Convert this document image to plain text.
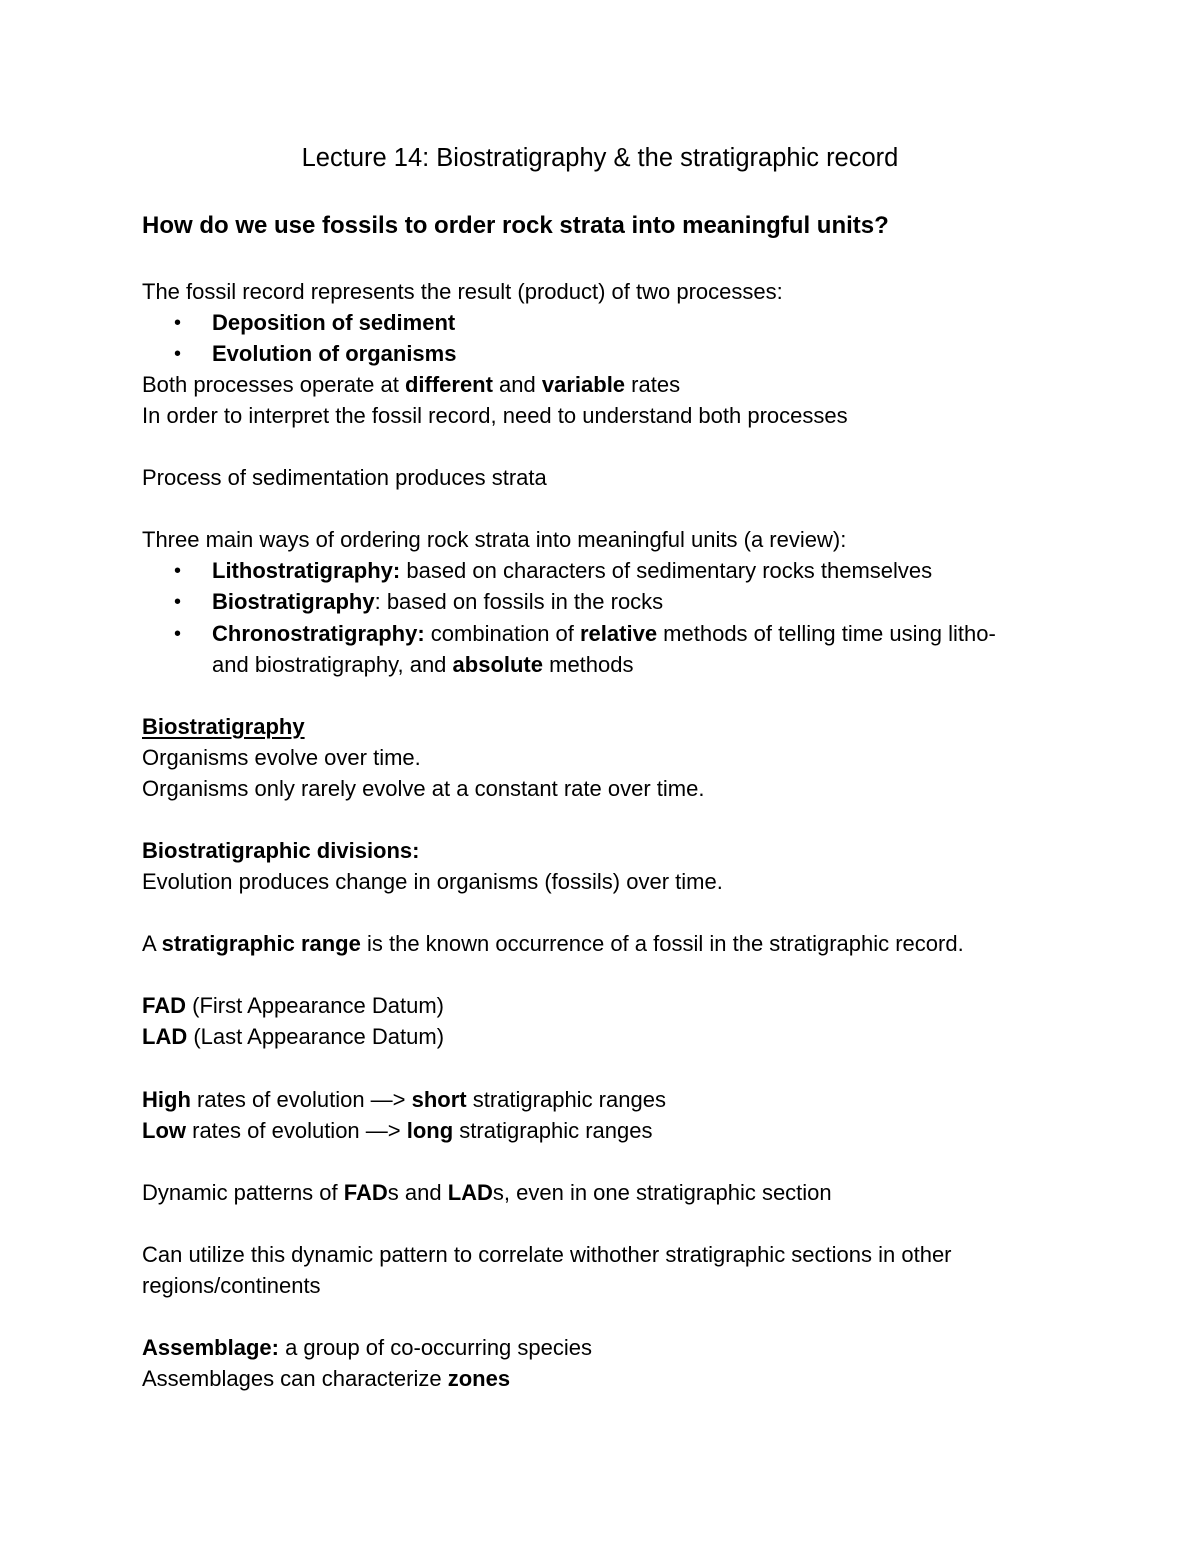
Lecture 14: Biostratigraphy & the stratigraphic record

How do we use fossils to order rock strata into meaningful units?

The fossil record represents the result (product) of two processes:

• Deposition of sediment

• Evolution of organisms

Both processes operate at different and variable rates

In order to interpret the fossil record, need to understand both processes

Process of sedimentation produces strata

Three main ways of ordering rock strata into meaningful units (a review):

• Lithostratigraphy: based on characters of sedimentary rocks themselves

• Biostratigraphy: based on fossils in the rocks

• Chronostratigraphy: combination of relative methods of telling time using litho-

and biostratigraphy, and absolute methods

Biostratigraphy

Organisms evolve over time.

Organisms only rarely evolve at a constant rate over time.

Biostratigraphic divisions:

Evolution produces change in organisms (fossils) over time.

A stratigraphic range is the known occurrence of a fossil in the stratigraphic record.

FAD (First Appearance Datum)

LAD (Last Appearance Datum)

High rates of evolution —> short stratigraphic ranges

Low rates of evolution —> long stratigraphic ranges

Dynamic patterns of FADs and LADs, even in one stratigraphic section

Can utilize this dynamic pattern to correlate withother stratigraphic sections in other

regions/continents

Assemblage: a group of co-occurring species

Assemblages can characterize zones
